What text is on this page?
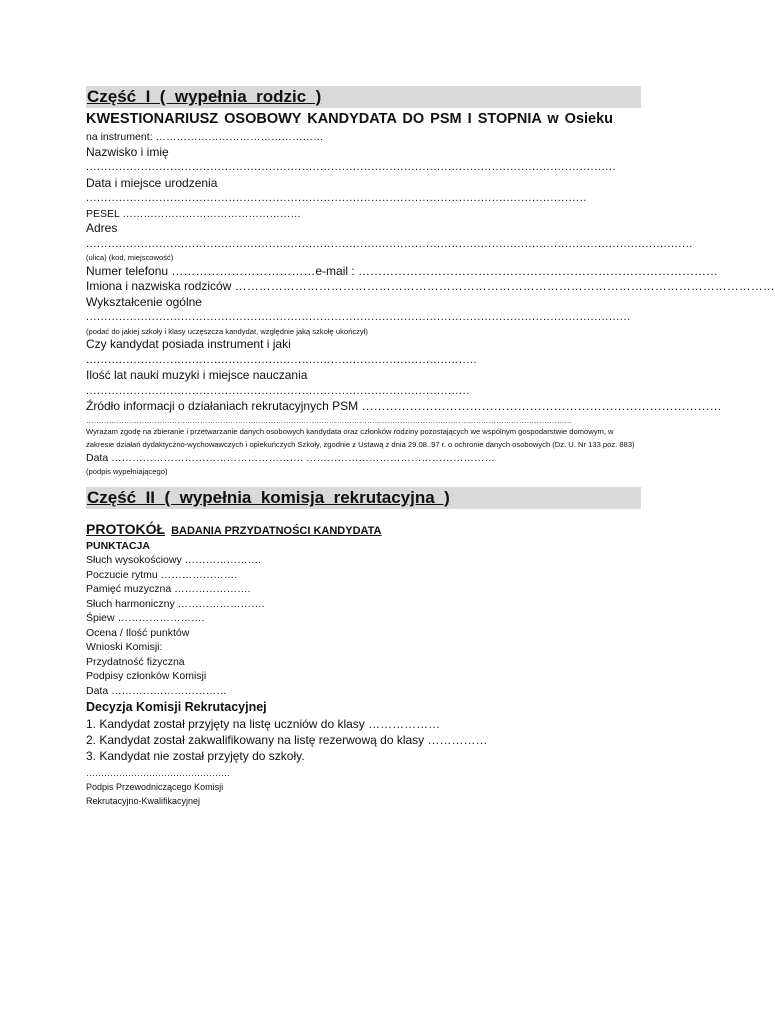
Część  I  (  wypełnia  rodzic  )
KWESTIONARIUSZ OSOBOWY KANDYDATA DO PSM I STOPNIA w Osieku
na instrument: …………………………………………
Nazwisko i imię
.................................................................................................................................................
Data i miejsce urodzenia
.........................................................................................................................................
PESEL ……………………………………………
Adres
......................................................................................................................................................................
(ulica) (kod, miejscowość)
Numer telefonu ………………………………e-mail : ………………………………………………………………………………
Imiona i nazwiska rodziców ………………………………………………………………………………………………………………………
Wykształcenie ogólne
.....................................................................................................................................................
(podać do jakiej szkoły i klasy uczęszcza kandydat, względnie jaką szkołę ukończył)
Czy kandydat posiada instrument i jaki
...........................................................................................................
Ilość lat nauki muzyki i miejsce nauczania
.........................................................................................................
Źródło informacji o działaniach rekrutacyjnych PSM ………………………………………………………………………………
…………………………………………………………………………………………………………………………………………………………………………
Wyrażam zgodę na zbieranie i przetwarzanie danych osobowych kandydata oraz członków rodziny pozostających we wspólnym gospodarstwie domowym, w zakresie działań dydaktyczno-wychowawczych i opiekuńczych Szkoły, zgodnie z Ustawą z dnia 29.08..97 r. o ochronie danych osobowych (Dz. U. Nr 133 poz. 883)
Data ………………………………………………. ………………………………………………
(podpis wypełniającego)
Część  II  (  wypełnia  komisja  rekrutacyjna  )
PROTOKÓŁ BADANIA PRZYDATNOŚCI KANDYDATA
PUNKTACJA
Słuch wysokościowy ………………….
Poczucie rytmu ………………….
Pamięć muzyczna ………………….
Słuch harmoniczny …………………….
Śpiew …………………….
Ocena / Ilość punktów
Wnioski Komisji:
Przydatność fizyczna
Podpisy członków Komisji
Data ……………………………
Decyzja Komisji Rekrutacyjnej
1. Kandydat został przyjęty na listę uczniów do klasy ………………
2. Kandydat został zakwalifikowany na listę rezerwową do klasy ……………
3. Kandydat nie został przyjęty do szkoły.
…………………………………………
Podpis Przewodniczącego Komisji
Rekrutacyjno-Kwalifikacyjnej
